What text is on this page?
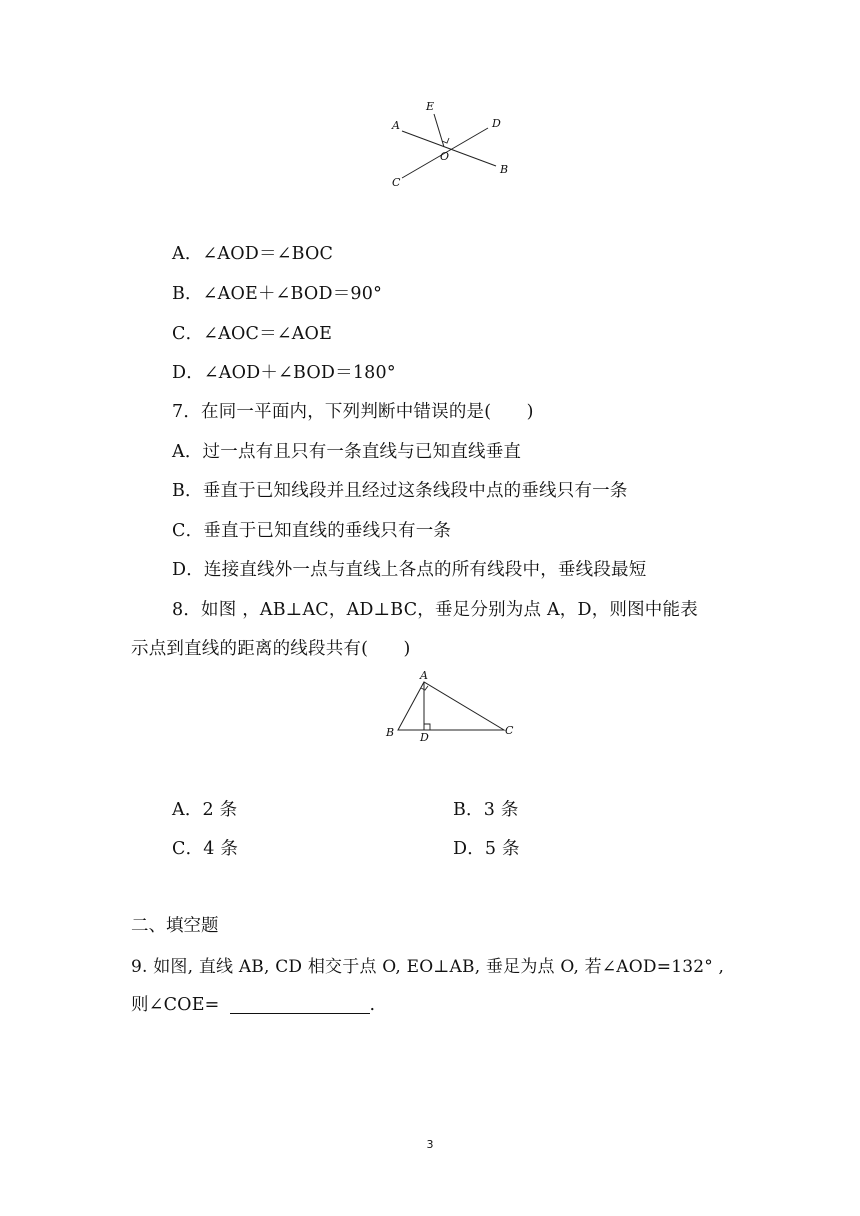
A
E
D
O
B
C
A．∠AOD＝∠BOC
B．∠AOE＋∠BOD＝90°
C．∠AOC＝∠AOE
D．∠AOD＋∠BOD＝180°
7．在同一平面内，下列判断中错误的是(　　)
A．过一点有且只有一条直线与已知直线垂直
B．垂直于已知线段并且经过这条线段中点的垂线只有一条
C．垂直于已知直线的垂线只有一条
D．连接直线外一点与直线上各点的所有线段中，垂线段最短
8．如图 ，AB⊥AC，AD⊥BC，垂足分别为点 A，D，则图中能表
示点到直线的距离的线段共有(　　)
A
B D
C
A．2 条	B．3 条
C．4 条	D．5 条
二、填空题
9. 如图, 直线 AB, CD 相交于点 O, EO⊥AB, 垂足为点 O, 若∠AOD=132° ,
则∠COE=	.
3
